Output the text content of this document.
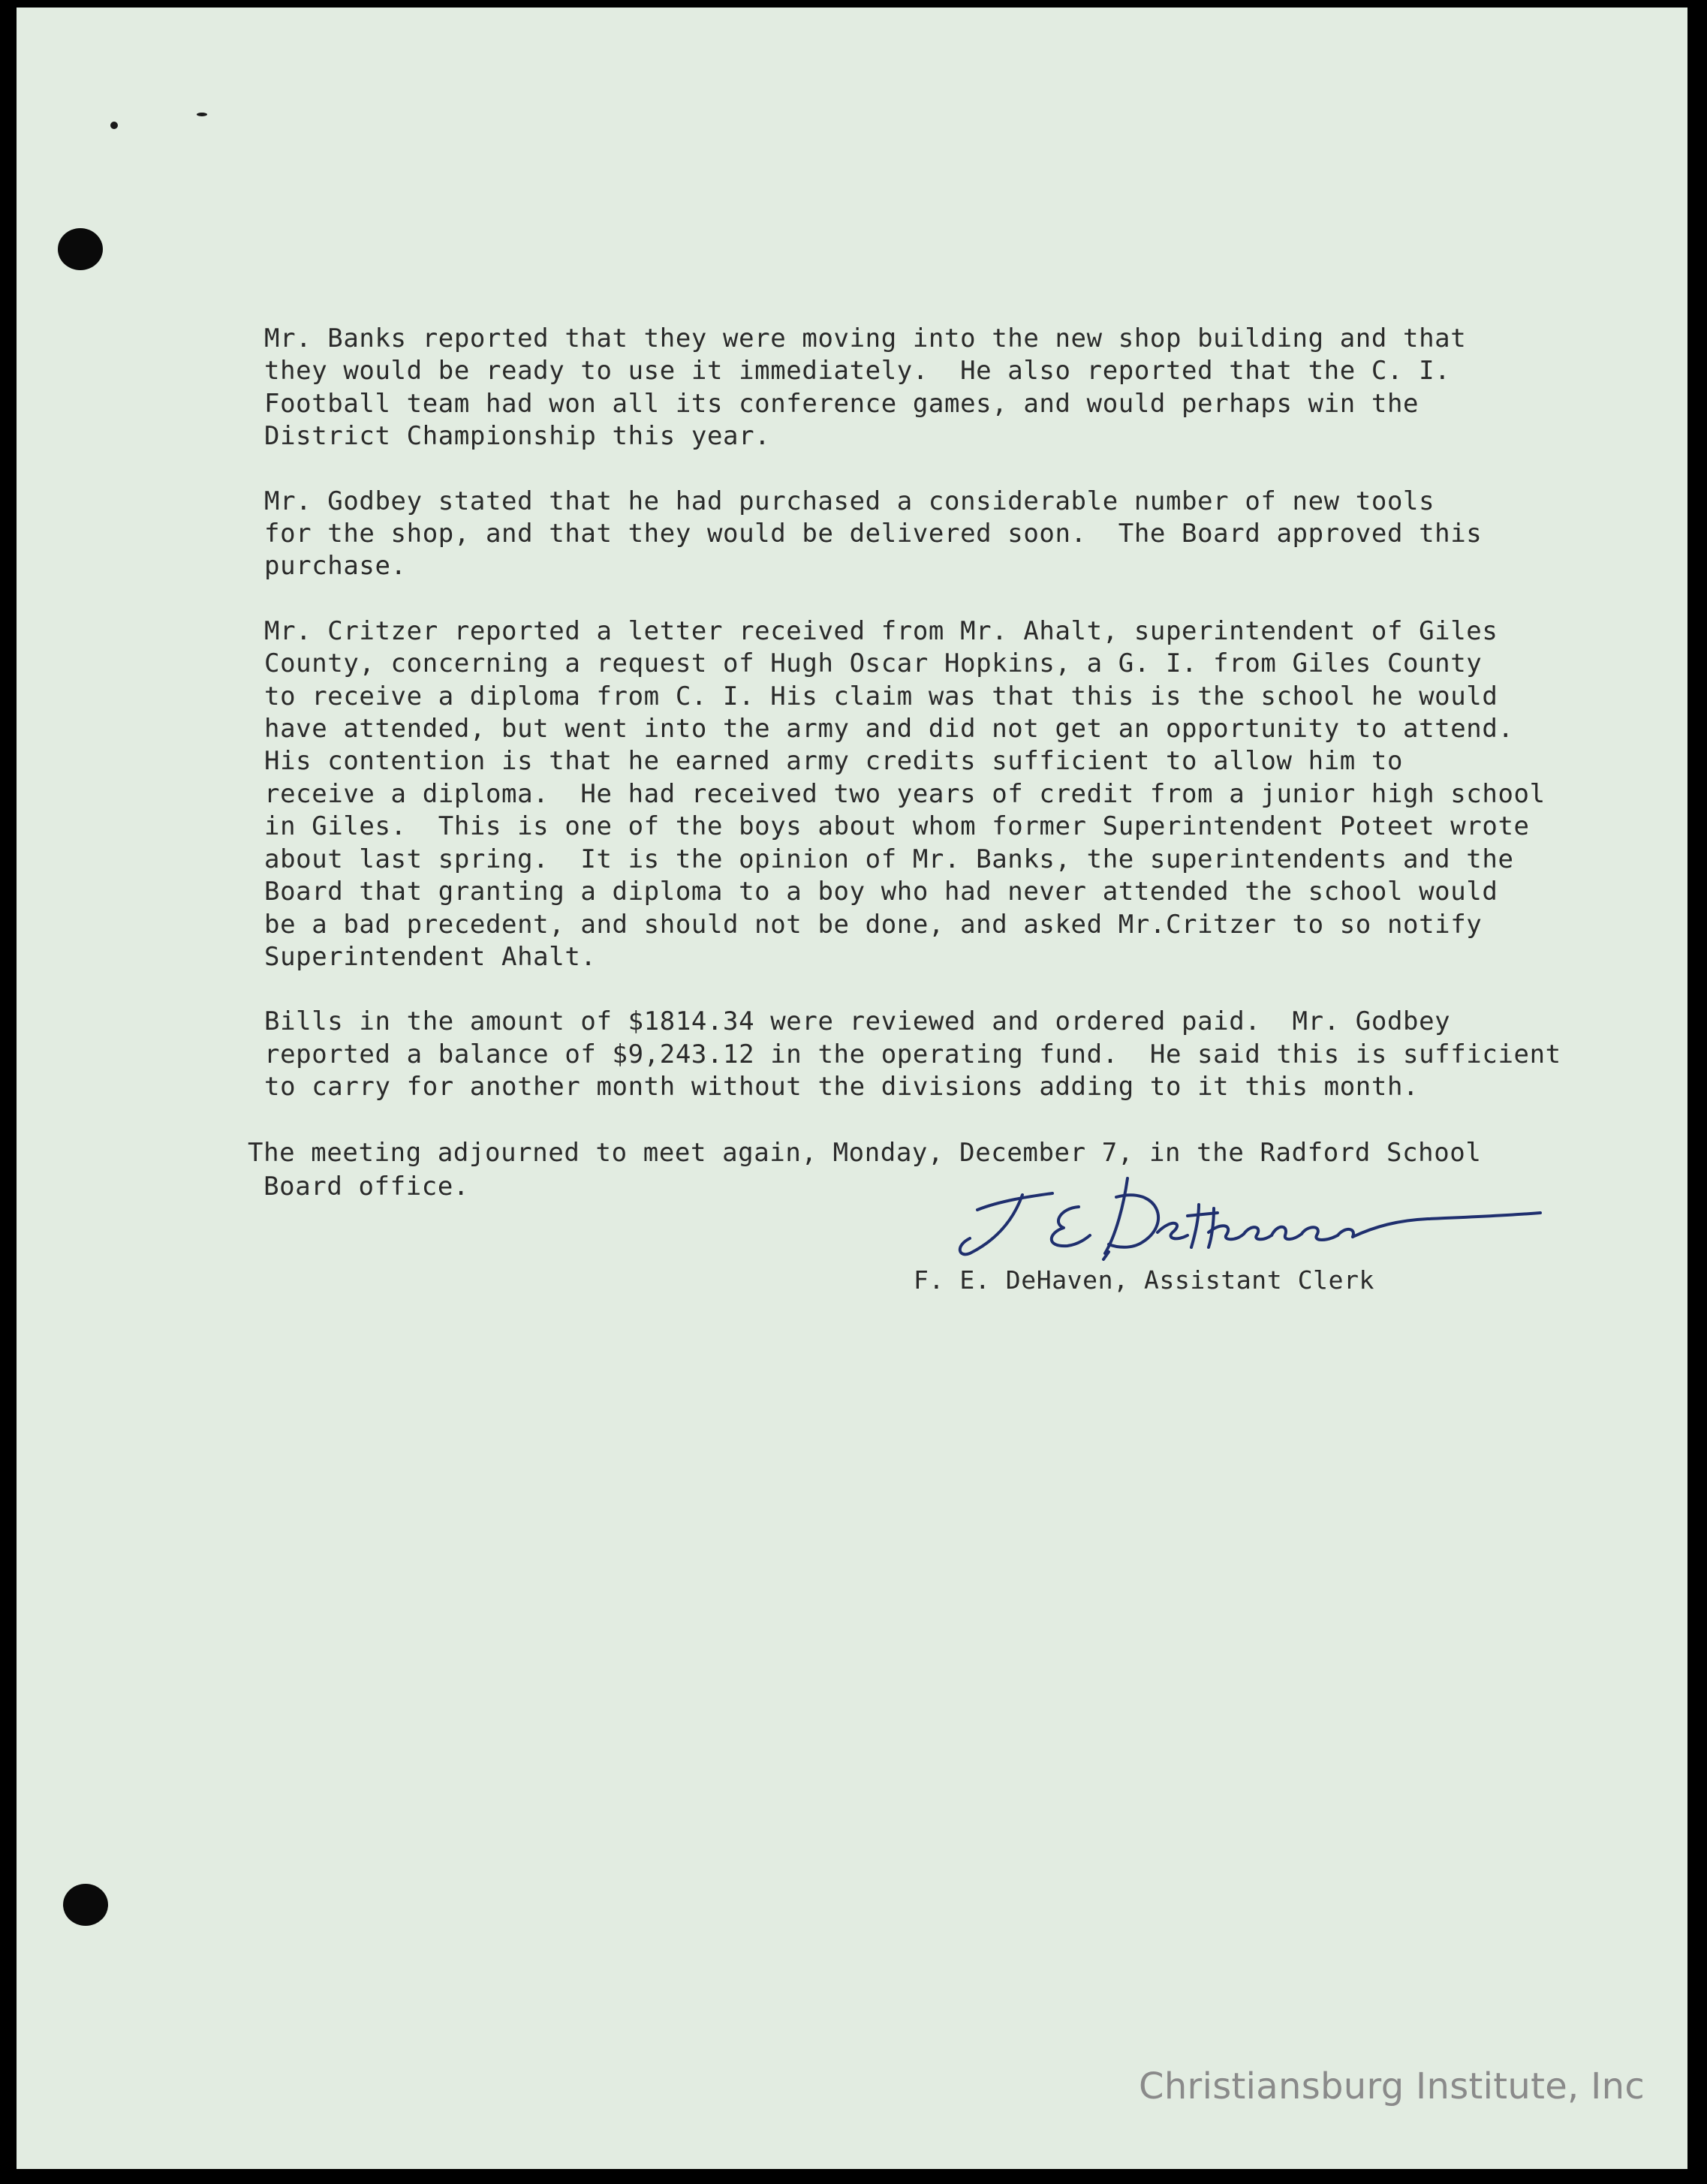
Mr. Banks reported that they were moving into the new shop building and that
they would be ready to use it immediately.  He also reported that the C. I.
Football team had won all its conference games, and would perhaps win the
District Championship this year.

Mr. Godbey stated that he had purchased a considerable number of new tools
for the shop, and that they would be delivered soon.  The Board approved this
purchase.

Mr. Critzer reported a letter received from Mr. Ahalt, superintendent of Giles
County, concerning a request of Hugh Oscar Hopkins, a G. I. from Giles County
to receive a diploma from C. I. His claim was that this is the school he would
have attended, but went into the army and did not get an opportunity to attend.
His contention is that he earned army credits sufficient to allow him to
receive a diploma.  He had received two years of credit from a junior high school
in Giles.  This is one of the boys about whom former Superintendent Poteet wrote
about last spring.  It is the opinion of Mr. Banks, the superintendents and the
Board that granting a diploma to a boy who had never attended the school would
be a bad precedent, and should not be done, and asked Mr.Critzer to so notify
Superintendent Ahalt.

Bills in the amount of $1814.34 were reviewed and ordered paid.  Mr. Godbey
reported a balance of $9,243.12 in the operating fund.  He said this is sufficient
to carry for another month without the divisions adding to it this month.

The meeting adjourned to meet again, Monday, December 7, in the Radford School
Board office.
F. E. DeHaven, Assistant Clerk
Christiansburg Institute, Inc
